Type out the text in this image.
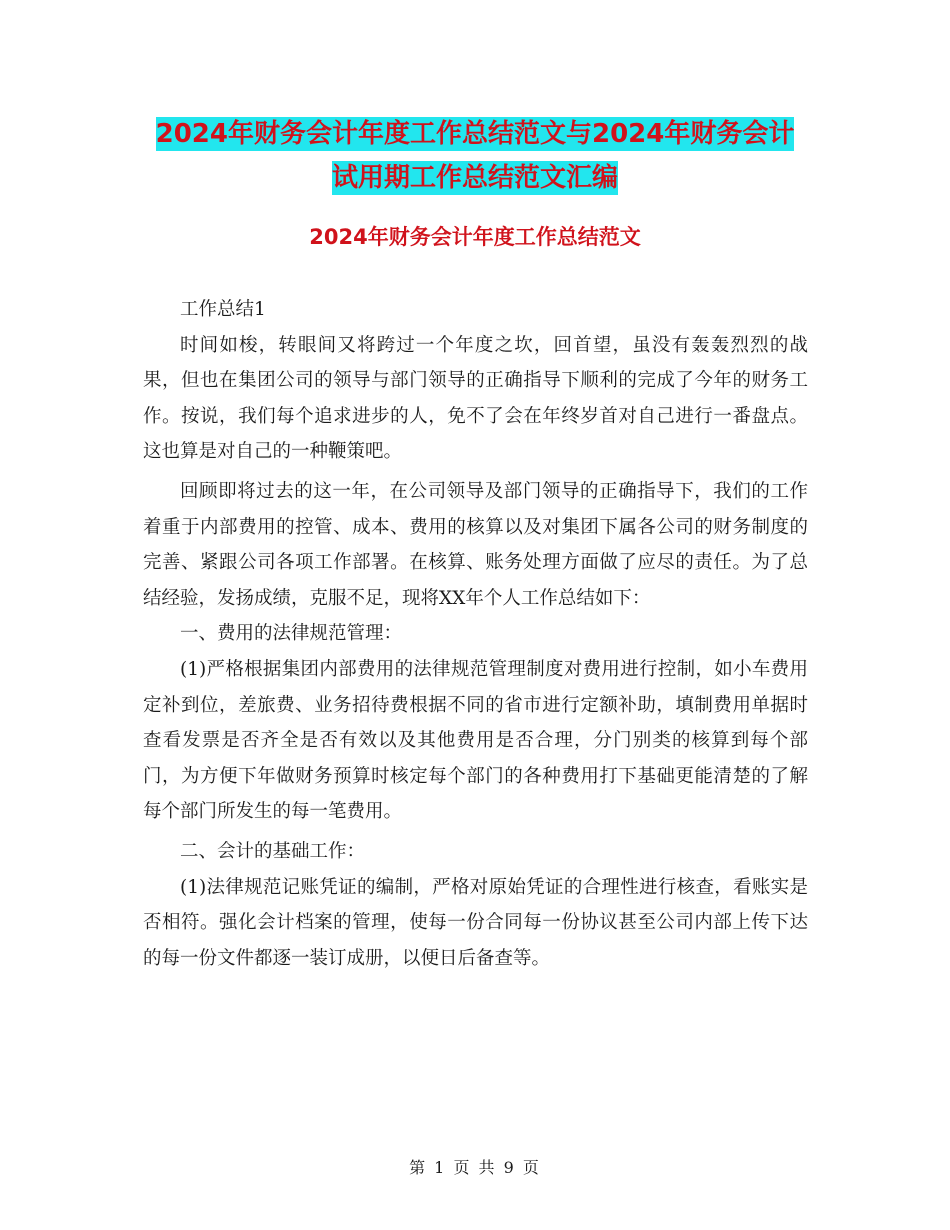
2024年财务会计年度工作总结范文与2024年财务会计
试用期工作总结范文汇编
2024年财务会计年度工作总结范文

工作总结1

时间如梭，转眼间又将跨过一个年度之坎，回首望，虽没有轰轰烈烈的战果，但也在集团公司的领导与部门领导的正确指导下顺利的完成了今年的财务工作。按说，我们每个追求进步的人，免不了会在年终岁首对自己进行一番盘点。这也算是对自己的一种鞭策吧。

回顾即将过去的这一年，在公司领导及部门领导的正确指导下，我们的工作着重于内部费用的控管、成本、费用的核算以及对集团下属各公司的财务制度的完善、紧跟公司各项工作部署。在核算、账务处理方面做了应尽的责任。为了总结经验，发扬成绩，克服不足，现将XX年个人工作总结如下：

一、费用的法律规范管理：

(1)严格根据集团内部费用的法律规范管理制度对费用进行控制，如小车费用定补到位，差旅费、业务招待费根据不同的省市进行定额补助，填制费用单据时查看发票是否齐全是否有效以及其他费用是否合理，分门别类的核算到每个部门，为方便下年做财务预算时核定每个部门的各种费用打下基础更能清楚的了解每个部门所发生的每一笔费用。

二、会计的基础工作：

(1)法律规范记账凭证的编制，严格对原始凭证的合理性进行核查，看账实是否相符。强化会计档案的管理，使每一份合同每一份协议甚至公司内部上传下达的每一份文件都逐一装订成册，以便日后备查等。

第 1 页 共 9 页
